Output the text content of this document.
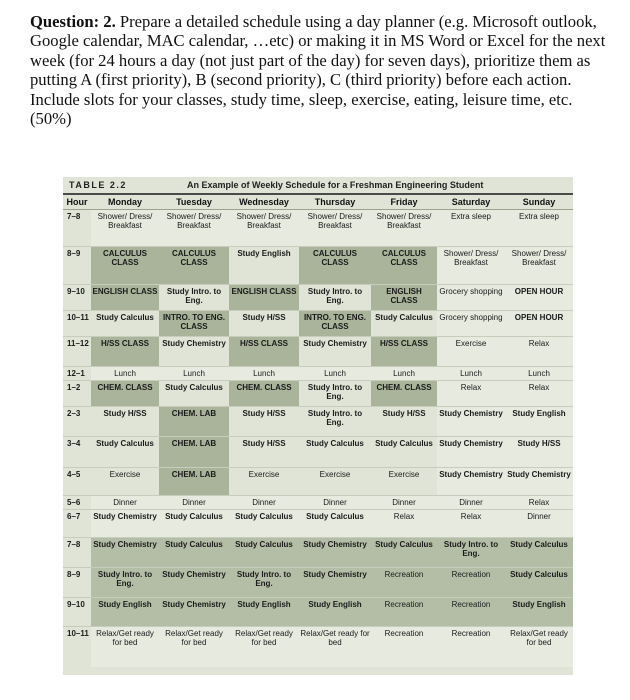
Question: 2. Prepare a detailed schedule using a day planner (e.g. Microsoft outlook, Google calendar, MAC calendar, …etc) or making it in MS Word or Excel for the next week (for 24 hours a day (not just part of the day) for seven days), prioritize them as putting A (first priority), B (second priority), C (third priority) before each action. Include slots for your classes, study time, sleep, exercise, eating, leisure time, etc. (50%)
TABLE 2.2	An Example of Weekly Schedule for a Freshman Engineering Student
Hour	Monday	Tuesday	Wednesday	Thursday	Friday	Saturday	Sunday
7–8	Shower/ Dress/ Breakfast	Shower/ Dress/ Breakfast	Shower/ Dress/ Breakfast	Shower/ Dress/ Breakfast	Shower/ Dress/ Breakfast	Extra sleep	Extra sleep
8–9	CALCULUS CLASS	CALCULUS CLASS	Study English	CALCULUS CLASS	CALCULUS CLASS	Shower/ Dress/ Breakfast	Shower/ Dress/ Breakfast
9–10	ENGLISH CLASS	Study Intro. to Eng.	ENGLISH CLASS	Study Intro. to Eng.	ENGLISH CLASS	Grocery shopping	OPEN HOUR
10–11	Study Calculus	INTRO. TO ENG. CLASS	Study H/SS	INTRO. TO ENG. CLASS	Study Calculus	Grocery shopping	OPEN HOUR
11–12	H/SS CLASS	Study Chemistry	H/SS CLASS	Study Chemistry	H/SS CLASS	Exercise	Relax
12–1	Lunch	Lunch	Lunch	Lunch	Lunch	Lunch	Lunch
1–2	CHEM. CLASS	Study Calculus	CHEM. CLASS	Study Intro. to Eng.	CHEM. CLASS	Relax	Relax
2–3	Study H/SS	CHEM. LAB	Study H/SS	Study Intro. to Eng.	Study H/SS	Study Chemistry	Study English
3–4	Study Calculus	CHEM. LAB	Study H/SS	Study Calculus	Study Calculus	Study Chemistry	Study H/SS
4–5	Exercise	CHEM. LAB	Exercise	Exercise	Exercise	Study Chemistry	Study Chemistry
5–6	Dinner	Dinner	Dinner	Dinner	Dinner	Dinner	Relax
6–7	Study Chemistry	Study Calculus	Study Calculus	Study Calculus	Relax	Relax	Dinner
7–8	Study Chemistry	Study Calculus	Study Calculus	Study Chemistry	Study Calculus	Study Intro. to Eng.	Study Calculus
8–9	Study Intro. to Eng.	Study Chemistry	Study Intro. to Eng.	Study Chemistry	Recreation	Recreation	Study Calculus
9–10	Study English	Study Chemistry	Study English	Study English	Recreation	Recreation	Study English
10–11	Relax/Get ready for bed	Relax/Get ready for bed	Relax/Get ready for bed	Relax/Get ready for bed	Recreation	Recreation	Relax/Get ready for bed
